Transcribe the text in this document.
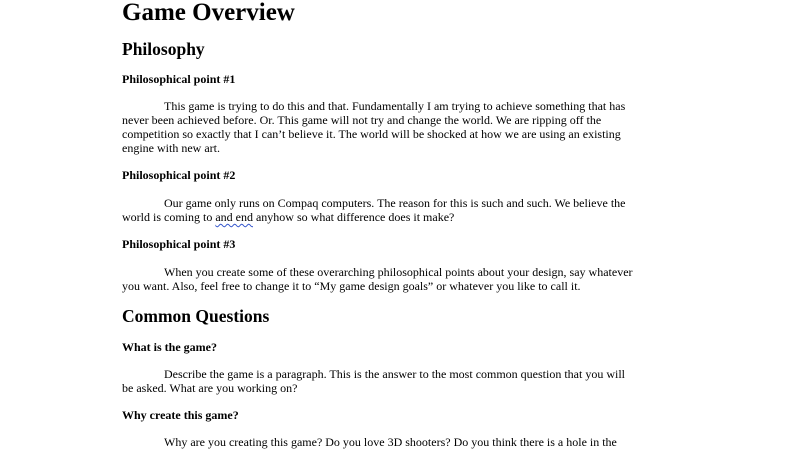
Game Overview
Philosophy
Philosophical point #1
This game is trying to do this and that. Fundamentally I am trying to achieve something that has
never been achieved before. Or. This game will not try and change the world. We are ripping off the
competition so exactly that I can’t believe it. The world will be shocked at how we are using an existing
engine with new art.
Philosophical point #2
Our game only runs on Compaq computers. The reason for this is such and such. We believe the
world is coming to and end anyhow so what difference does it make?
Philosophical point #3
When you create some of these overarching philosophical points about your design, say whatever
you want. Also, feel free to change it to “My game design goals” or whatever you like to call it.
Common Questions
What is the game?
Describe the game is a paragraph. This is the answer to the most common question that you will
be asked. What are you working on?
Why create this game?
Why are you creating this game? Do you love 3D shooters? Do you think there is a hole in the
